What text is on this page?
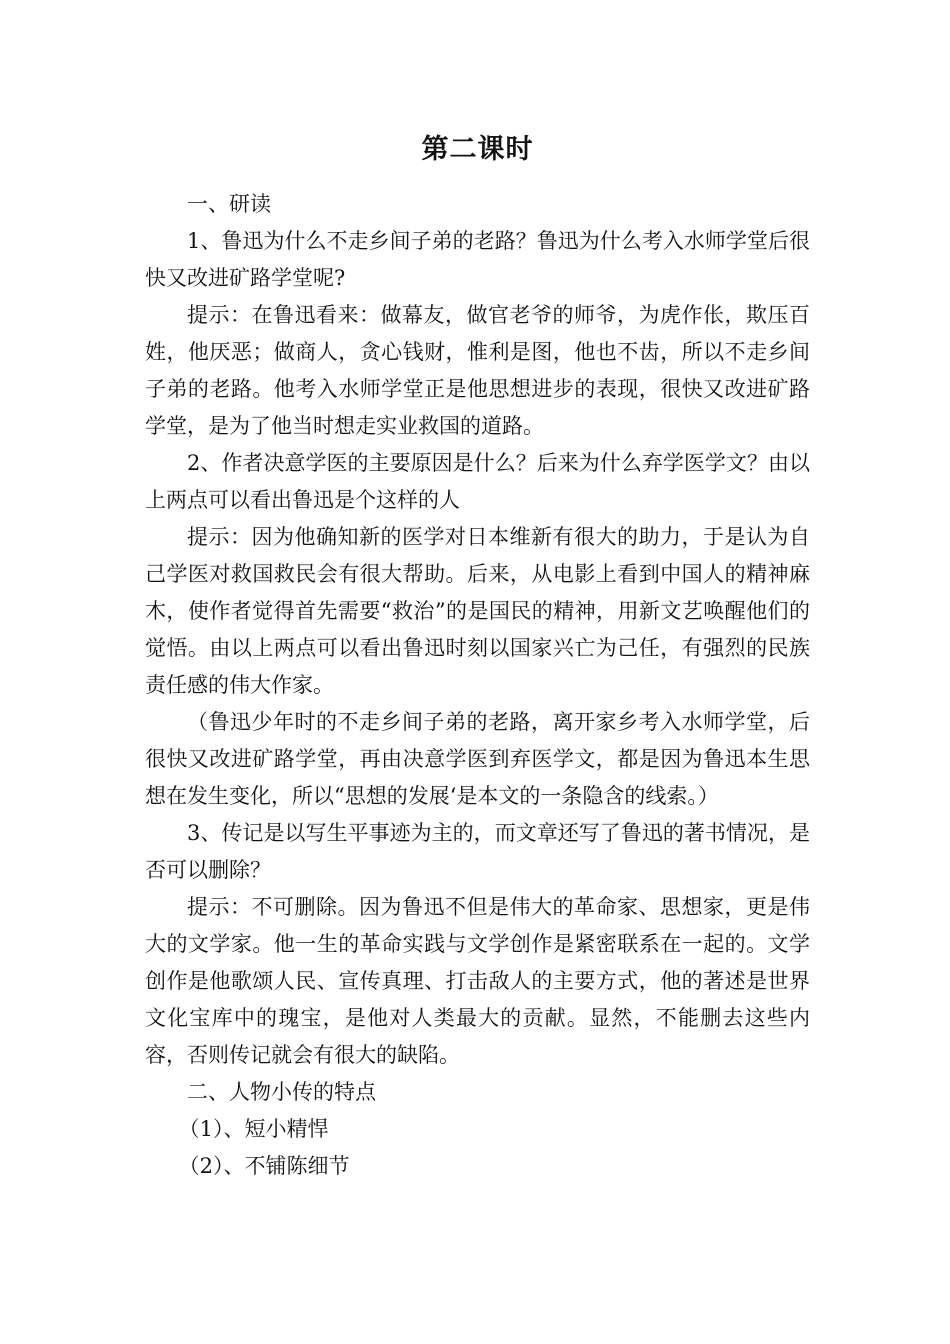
第二课时

一、研读

1、鲁迅为什么不走乡间子弟的老路？鲁迅为什么考入水师学堂后很快又改进矿路学堂呢?

提示：在鲁迅看来：做幕友，做官老爷的师爷，为虎作伥，欺压百姓，他厌恶；做商人，贪心钱财，惟利是图，他也不齿，所以不走乡间子弟的老路。他考入水师学堂正是他思想进步的表现，很快又改进矿路学堂，是为了他当时想走实业救国的道路。

2、作者决意学医的主要原因是什么？后来为什么弃学医学文？由以上两点可以看出鲁迅是个这样的人

提示：因为他确知新的医学对日本维新有很大的助力，于是认为自己学医对救国救民会有很大帮助。后来，从电影上看到中国人的精神麻木，使作者觉得首先需要“救治”的是国民的精神，用新文艺唤醒他们的觉悟。由以上两点可以看出鲁迅时刻以国家兴亡为己任，有强烈的民族责任感的伟大作家。

（鲁迅少年时的不走乡间子弟的老路，离开家乡考入水师学堂，后很快又改进矿路学堂，再由决意学医到弃医学文，都是因为鲁迅本生思想在发生变化，所以“思想的发展‘是本文的一条隐含的线索。）

3、传记是以写生平事迹为主的，而文章还写了鲁迅的著书情况，是否可以删除？

提示：不可删除。因为鲁迅不但是伟大的革命家、思想家，更是伟大的文学家。他一生的革命实践与文学创作是紧密联系在一起的。文学创作是他歌颂人民、宣传真理、打击敌人的主要方式，他的著述是世界文化宝库中的瑰宝，是他对人类最大的贡献。显然，不能删去这些内容，否则传记就会有很大的缺陷。

二、人物小传的特点

（1）、短小精悍

（2）、不铺陈细节
